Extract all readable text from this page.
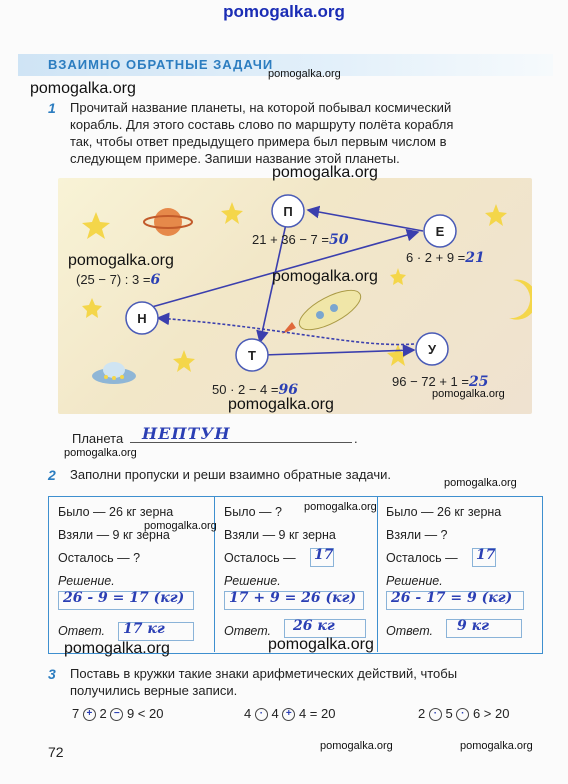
pomogalka.org
ВЗАИМНО ОБРАТНЫЕ ЗАДАЧИ
pomogalka.org
pomogalka.org
1 Прочитай название планеты, на которой побывал космический
корабль. Для этого составь слово по маршруту полёта корабля
так, чтобы ответ предыдущего примера был первым числом в
следующем примере. Запиши название этой планеты.
П
Е
Н
Т	У
21 + 36 − 7 =50
6 · 2 + 9 =21
(25 − 7) : 3 =6
50 · 2 − 4 =96
96 − 72 + 1 =25
pomogalka.org
pomogalka.org
pomogalka.org
pomogalka.org
pomogalka.org
Планета НЕПТУН	.
pomogalka.org
2 Заполни пропуски и реши взаимно обратные задачи.
pomogalka.org
Было — 26 кг зерна
Взяли — 9 кг зерна
Осталось — ?
Решение.
26 - 9 = 17 (кг)
Ответ. 17 кг
Было — ?
Взяли — 9 кг зерна
Осталось — 17
Решение.
17 + 9 = 26 (кг)
Ответ. 26 кг
Было — 26 кг зерна
Взяли — ?
Осталось — 17
Решение.
26 - 17 = 9 (кг)
Ответ. 9 кг
pomogalka.org
pomogalka.org
pomogalka.org	pomogalka.org
3 Поставь в кружки такие знаки арифметических действий, чтобы
получились верные записи.
7 + 2 − 9 < 20	4 · 4 + 4 = 20	2 · 5 · 6 > 20
72	pomogalka.org	pomogalka.org
